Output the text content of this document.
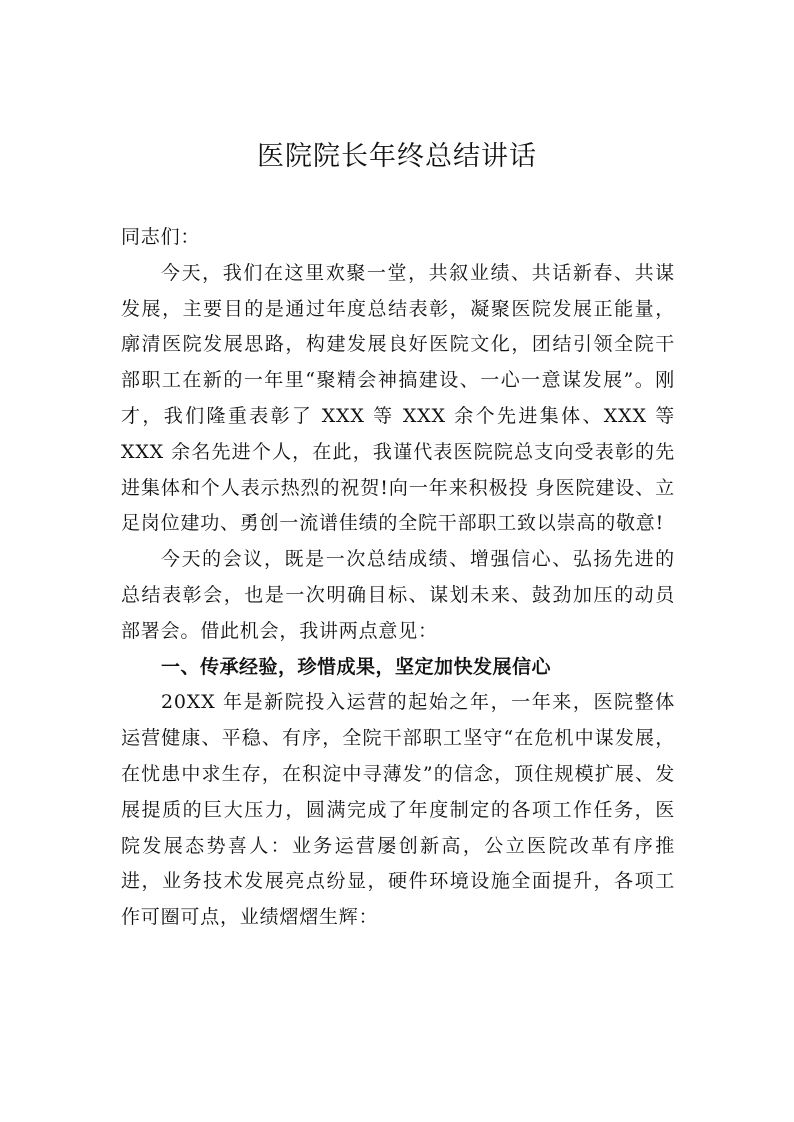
医院院长年终总结讲话

同志们：

今天，我们在这里欢聚一堂，共叙业绩、共话新春、共谋发展，主要目的是通过年度总结表彰，凝聚医院发展正能量，廓清医院发展思路，构建发展良好医院文化，团结引领全院干部职工在新的一年里“聚精会神搞建设、一心一意谋发展”。刚才，我们隆重表彰了 XXX 等 XXX 余个先进集体、XXX 等 XXX 余名先进个人，在此，我谨代表医院院总支向受表彰的先进集体和个人表示热烈的祝贺!向一年来积极投 身医院建设、立足岗位建功、勇创一流谱佳绩的全院干部职工致以崇高的敬意!

今天的会议，既是一次总结成绩、增强信心、弘扬先进的总结表彰会，也是一次明确目标、谋划未来、鼓劲加压的动员部署会。借此机会，我讲两点意见：

一、传承经验，珍惜成果，坚定加快发展信心

20XX 年是新院投入运营的起始之年，一年来，医院整体运营健康、平稳、有序，全院干部职工坚守“在危机中谋发展，在忧患中求生存，在积淀中寻薄发”的信念，顶住规模扩展、发展提质的巨大压力，圆满完成了年度制定的各项工作任务，医院发展态势喜人：业务运营屡创新高，公立医院改革有序推进，业务技术发展亮点纷显，硬件环境设施全面提升，各项工作可圈可点，业绩熠熠生辉：
